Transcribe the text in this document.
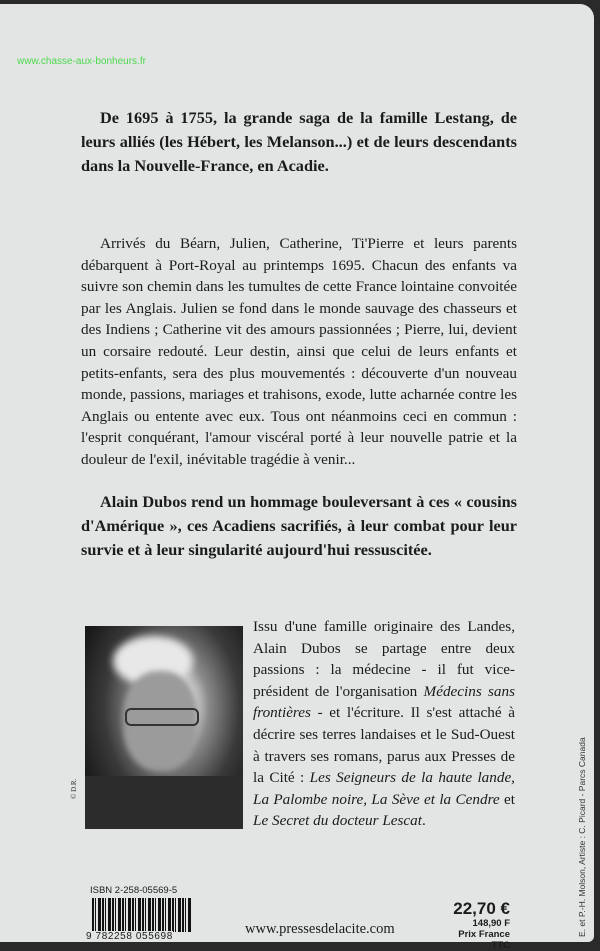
www.chasse-aux-bonheurs.fr

De 1695 à 1755, la grande saga de la famille Lestang, de leurs alliés (les Hébert, les Melanson...) et de leurs descendants dans la Nouvelle-France, en Acadie.

Arrivés du Béarn, Julien, Catherine, Ti'Pierre et leurs parents débarquent à Port-Royal au printemps 1695. Chacun des enfants va suivre son chemin dans les tumultes de cette France lointaine convoitée par les Anglais. Julien se fond dans le monde sauvage des chasseurs et des Indiens ; Catherine vit des amours passionnées ; Pierre, lui, devient un corsaire redouté. Leur destin, ainsi que celui de leurs enfants et petits-enfants, sera des plus mouvementés : découverte d'un nouveau monde, passions, mariages et trahisons, exode, lutte acharnée contre les Anglais ou entente avec eux. Tous ont néanmoins ceci en commun : l'esprit conquérant, l'amour viscéral porté à leur nouvelle patrie et la douleur de l'exil, inévitable tragédie à venir...

Alain Dubos rend un hommage bouleversant à ces « cousins d'Amérique », ces Acadiens sacrifiés, à leur combat pour leur survie et à leur singularité aujourd'hui ressuscitée.

© D.R.

Issu d'une famille originaire des Landes, Alain Dubos se partage entre deux passions : la médecine - il fut vice-président de l'organisation Médecins sans frontières - et l'écriture. Il s'est attaché à décrire ses terres landaises et le Sud-Ouest à travers ses romans, parus aux Presses de la Cité : Les Seigneurs de la haute lande, La Palombe noire, La Sève et la Cendre et Le Secret du docteur Lescat.

ISBN 2-258-05569-5
9 782258 055698	www.pressesdelacite.com
22,70 €
148,90 F
Prix France TTC
E. et P.-H. Molson, Artiste : C. Picard - Parcs Canada
